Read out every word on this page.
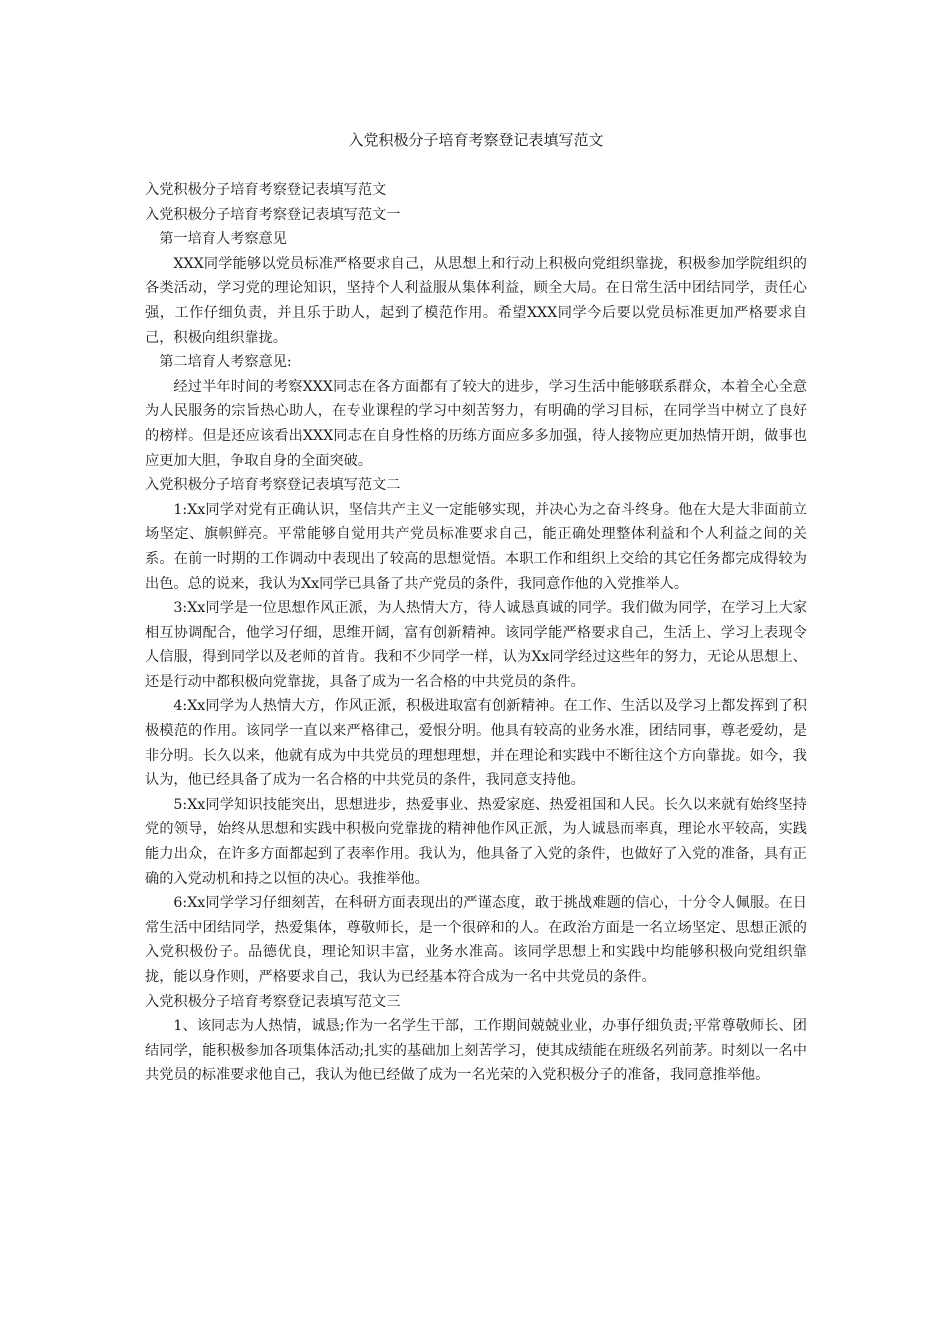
入党积极分子培育考察登记表填写范文

入党积极分子培育考察登记表填写范文

入党积极分子培育考察登记表填写范文一

第一培育人考察意见

XXX同学能够以党员标准严格要求自己，从思想上和行动上积极向党组织靠拢，积极参加学院组织的各类活动，学习党的理论知识，坚持个人利益服从集体利益，顾全大局。在日常生活中团结同学，责任心强，工作仔细负责，并且乐于助人，起到了模范作用。希望XXX同学今后要以党员标准更加严格要求自己，积极向组织靠拢。

第二培育人考察意见:

经过半年时间的考察XXX同志在各方面都有了较大的进步，学习生活中能够联系群众，本着全心全意为人民服务的宗旨热心助人，在专业课程的学习中刻苦努力，有明确的学习目标，在同学当中树立了良好的榜样。但是还应该看出XXX同志在自身性格的历练方面应多多加强，待人接物应更加热情开朗，做事也应更加大胆，争取自身的全面突破。

入党积极分子培育考察登记表填写范文二

1:Xx同学对党有正确认识，坚信共产主义一定能够实现，并决心为之奋斗终身。他在大是大非面前立场坚定、旗帜鲜亮。平常能够自觉用共产党员标准要求自己，能正确处理整体利益和个人利益之间的关系。在前一时期的工作调动中表现出了较高的思想觉悟。本职工作和组织上交给的其它任务都完成得较为出色。总的说来，我认为Xx同学已具备了共产党员的条件，我同意作他的入党推举人。

3:Xx同学是一位思想作风正派，为人热情大方，待人诚恳真诚的同学。我们做为同学，在学习上大家相互协调配合，他学习仔细，思维开阔，富有创新精神。该同学能严格要求自己，生活上、学习上表现令人信服，得到同学以及老师的首肯。我和不少同学一样，认为Xx同学经过这些年的努力，无论从思想上、还是行动中都积极向党靠拢，具备了成为一名合格的中共党员的条件。

4:Xx同学为人热情大方，作风正派，积极进取富有创新精神。在工作、生活以及学习上都发挥到了积极模范的作用。该同学一直以来严格律己，爱恨分明。他具有较高的业务水准，团结同事，尊老爱幼，是非分明。长久以来，他就有成为中共党员的理想理想，并在理论和实践中不断往这个方向靠拢。如今，我认为，他已经具备了成为一名合格的中共党员的条件，我同意支持他。

5:Xx同学知识技能突出，思想进步，热爱事业、热爱家庭、热爱祖国和人民。长久以来就有始终坚持党的领导，始终从思想和实践中积极向党靠拢的精神他作风正派，为人诚恳而率真，理论水平较高，实践能力出众，在许多方面都起到了表率作用。我认为，他具备了入党的条件，也做好了入党的准备，具有正确的入党动机和持之以恒的决心。我推举他。

6:Xx同学学习仔细刻苦，在科研方面表现出的严谨态度，敢于挑战难题的信心，十分令人佩服。在日常生活中团结同学，热爱集体，尊敬师长，是一个很碎和的人。在政治方面是一名立场坚定、思想正派的入党积极份子。品德优良，理论知识丰富，业务水准高。该同学思想上和实践中均能够积极向党组织靠拢，能以身作则，严格要求自己，我认为已经基本符合成为一名中共党员的条件。

入党积极分子培育考察登记表填写范文三

1、该同志为人热情，诚恳;作为一名学生干部，工作期间兢兢业业，办事仔细负责;平常尊敬师长、团结同学，能积极参加各项集体活动;扎实的基础加上刻苦学习，使其成绩能在班级名列前茅。时刻以一名中共党员的标准要求他自己，我认为他已经做了成为一名光荣的入党积极分子的准备，我同意推举他。
